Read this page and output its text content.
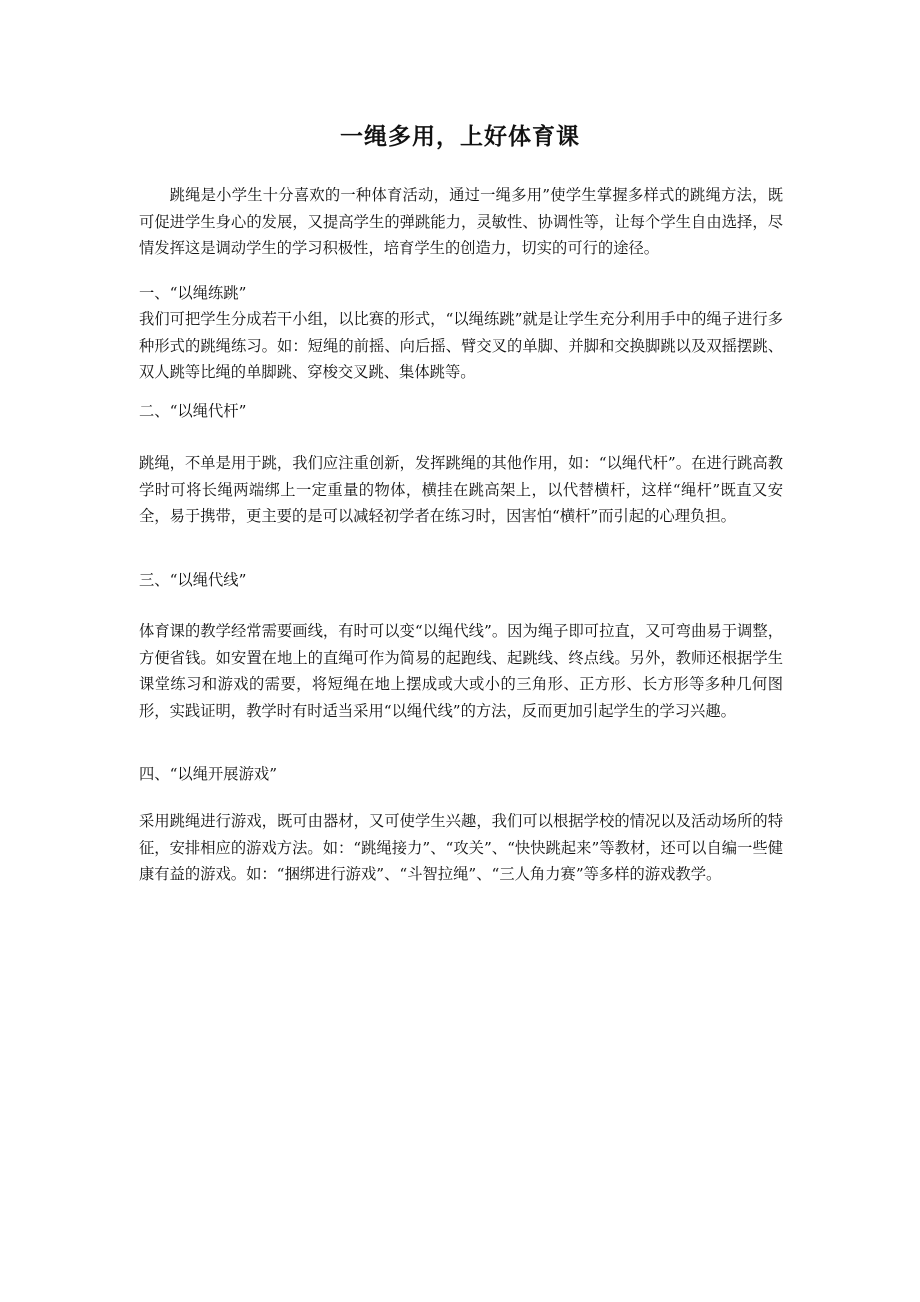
一绳多用，上好体育课

跳绳是小学生十分喜欢的一种体育活动，通过一绳多用”使学生掌握多样式的跳绳方法，既可促进学生身心的发展，又提高学生的弹跳能力，灵敏性、协调性等，让每个学生自由选择，尽情发挥这是调动学生的学习积极性，培育学生的创造力，切实的可行的途径。

一、“以绳练跳”

我们可把学生分成若干小组，以比赛的形式，“以绳练跳”就是让学生充分利用手中的绳子进行多种形式的跳绳练习。如：短绳的前摇、向后摇、臂交叉的单脚、并脚和交换脚跳以及双摇摆跳、双人跳等比绳的单脚跳、穿梭交叉跳、集体跳等。

二、“以绳代杆”

跳绳，不单是用于跳，我们应注重创新，发挥跳绳的其他作用，如：“以绳代杆”。在进行跳高教学时可将长绳两端绑上一定重量的物体，横挂在跳高架上，以代替横杆，这样“绳杆”既直又安全，易于携带，更主要的是可以减轻初学者在练习时，因害怕“横杆”而引起的心理负担。

三、“以绳代线”

体育课的教学经常需要画线，有时可以变“以绳代线”。因为绳子即可拉直，又可弯曲易于调整，方便省钱。如安置在地上的直绳可作为简易的起跑线、起跳线、终点线。另外，教师还根据学生课堂练习和游戏的需要，将短绳在地上摆成或大或小的三角形、正方形、长方形等多种几何图形，实践证明，教学时有时适当采用“以绳代线”的方法，反而更加引起学生的学习兴趣。

四、“以绳开展游戏”

采用跳绳进行游戏，既可由器材，又可使学生兴趣，我们可以根据学校的情况以及活动场所的特征，安排相应的游戏方法。如：“跳绳接力”、“攻关”、“快快跳起来”等教材，还可以自编一些健康有益的游戏。如：“捆绑进行游戏”、“斗智拉绳”、“三人角力赛”等多样的游戏教学。
